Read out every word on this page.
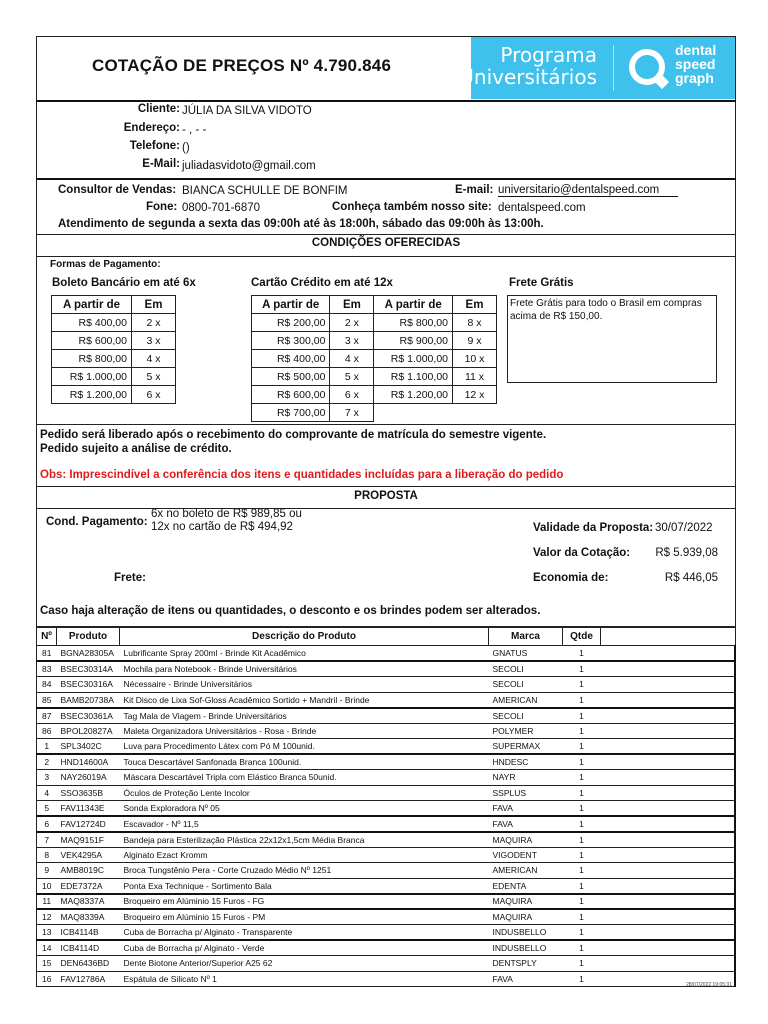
COTAÇÃO DE PREÇOS Nº 4.790.846	Programa
Universitários
dental
speed
graph
Cliente: JÚLIA DA SILVA VIDOTO
Endereço: - , - -
Telefone: ()
E-Mail: juliadasvidoto@gmail.com
Consultor de Vendas: BIANCA SCHULLE DE BONFIM	E-mail: universitario@dentalspeed.com
Fone: 0800-701-6870	Conheça também nosso site: dentalspeed.com
Atendimento de segunda a sexta das 09:00h até às 18:00h, sábado das 09:00h às 13:00h.
CONDIÇÕES OFERECIDAS
Formas de Pagamento:
Boleto Bancário em até 6x	Cartão Crédito em até 12x	Frete Grátis
A partir de	Em
R$ 400,00	2 x
R$ 600,00	3 x
R$ 800,00	4 x
R$ 1.000,00	5 x
R$ 1.200,00	6 x
A partir de	Em	A partir de	Em
R$ 200,00	2 x	R$ 800,00	8 x
R$ 300,00	3 x	R$ 900,00	9 x
R$ 400,00	4 x	R$ 1.000,00	10 x
R$ 500,00	5 x	R$ 1.100,00	11 x
R$ 600,00	6 x	R$ 1.200,00	12 x
R$ 700,00	7 x		
Frete Grátis para todo o Brasil em compras acima de R$ 150,00.
Pedido será liberado após o recebimento do comprovante de matrícula do semestre vigente.
Pedido sujeito a análise de crédito.
Obs: Imprescindível a conferência dos itens e quantidades incluídas para a liberação do pedido
PROPOSTA
Cond. Pagamento:
6x no boleto de R$ 989,85 ou
12x no cartão de R$ 494,92	Validade da Proposta: 30/07/2022
Valor da Cotação: R$ 5.939,08
Frete:	Economia de:	R$ 446,05
Caso haja alteração de itens ou quantidades, o desconto e os brindes podem ser alterados.
Nº	Produto	Descrição do Produto	Marca	Qtde	
81	BGNA28305A	Lubrificante Spray 200ml - Brinde Kit Acadêmico	GNATUS	1	
83	BSEC30314A	Mochila para Notebook - Brinde Universitários	SECOLI	1	
84	BSEC30316A	Nécessaire - Brinde Universitários	SECOLI	1	
85	BAMB20738A	Kit Disco de Lixa Sof-Gloss Acadêmico Sortido + Mandril - Brinde	AMERICAN	1	
87	BSEC30361A	Tag Mala de Viagem - Brinde Universitários	SECOLI	1	
86	BPOL20827A	Maleta Organizadora Universitários - Rosa - Brinde	POLYMER	1	
1	SPL3402C	Luva para Procedimento Látex com Pó M 100unid.	SUPERMAX	1	
2	HND14600A	Touca Descartável Sanfonada Branca 100unid.	HNDESC	1	
3	NAY26019A	Máscara Descartável Tripla com Elástico Branca 50unid.	NAYR	1	
4	SSO3635B	Óculos de Proteção Lente Incolor	SSPLUS	1	
5	FAV11343E	Sonda Exploradora Nº 05	FAVA	1	
6	FAV12724D	Escavador - Nº 11,5	FAVA	1	
7	MAQ9151F	Bandeja para Esterilização Plástica 22x12x1,5cm Média Branca	MAQUIRA	1	
8	VEK4295A	Alginato Ezact Kromm	VIGODENT	1	
9	AMB8019C	Broca Tungstênio Pera - Corte Cruzado Médio Nº 1251	AMERICAN	1	
10	EDE7372A	Ponta Exa Technique - Sortimento Bala	EDENTA	1	
11	MAQ8337A	Broqueiro em Alúminio 15 Furos - FG	MAQUIRA	1	
12	MAQ8339A	Broqueiro em Alúminio 15 Furos - PM	MAQUIRA	1	
13	ICB4114B	Cuba de Borracha p/ Alginato - Transparente	INDUSBELLO	1	
14	ICB4114D	Cuba de Borracha p/ Alginato - Verde	INDUSBELLO	1	
15	DEN6436BD	Dente Biotone Anterior/Superior A25 62	DENTSPLY	1	
16	FAV12786A	Espátula de Silicato Nº 1	FAVA	1	
28/07/2022 19:05:31
